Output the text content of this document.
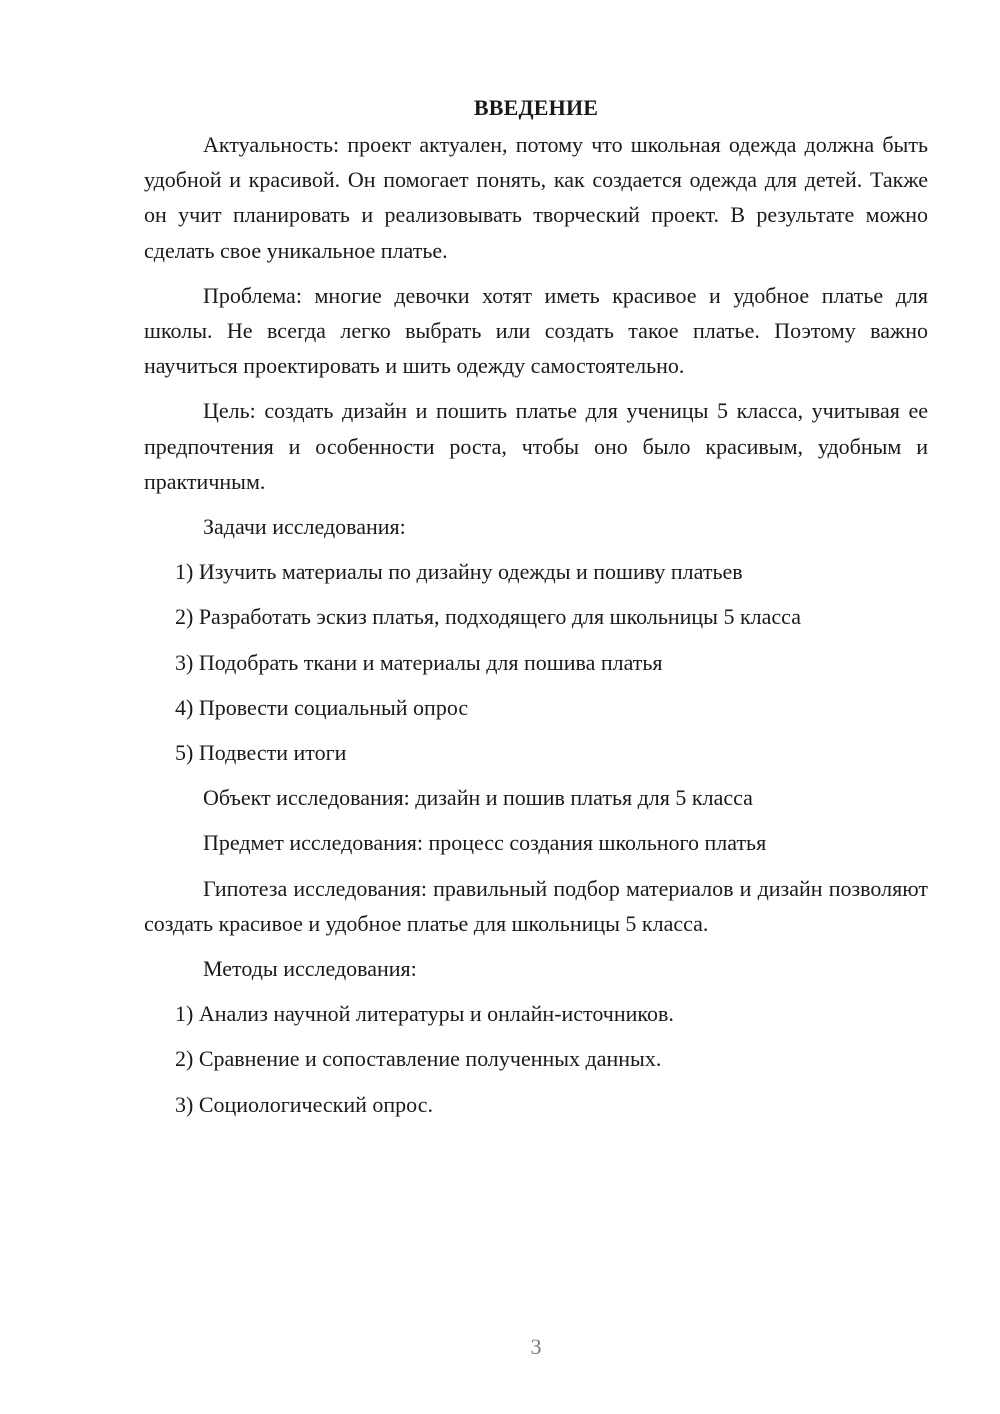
ВВЕДЕНИЕ

Актуальность: проект актуален, потому что школьная одежда должна быть удобной и красивой. Он помогает понять, как создается одежда для детей. Также он учит планировать и реализовывать творческий проект. В результате можно сделать свое уникальное платье.

Проблема: многие девочки хотят иметь красивое и удобное платье для школы. Не всегда легко выбрать или создать такое платье. Поэтому важно научиться проектировать и шить одежду самостоятельно.

Цель: создать дизайн и пошить платье для ученицы 5 класса, учитывая ее предпочтения и особенности роста, чтобы оно было красивым, удобным и практичным.

Задачи исследования:

1) Изучить материалы по дизайну одежды и пошиву платьев

2) Разработать эскиз платья, подходящего для школьницы 5 класса

3) Подобрать ткани и материалы для пошива платья

4) Провести социальный опрос

5) Подвести итоги

Объект исследования: дизайн и пошив платья для 5 класса

Предмет исследования: процесс создания школьного платья

Гипотеза исследования: правильный подбор материалов и дизайн позволяют создать красивое и удобное платье для школьницы 5 класса.

Методы исследования:

1) Анализ научной литературы и онлайн-источников.

2) Сравнение и сопоставление полученных данных.

3) Социологический опрос.

3
